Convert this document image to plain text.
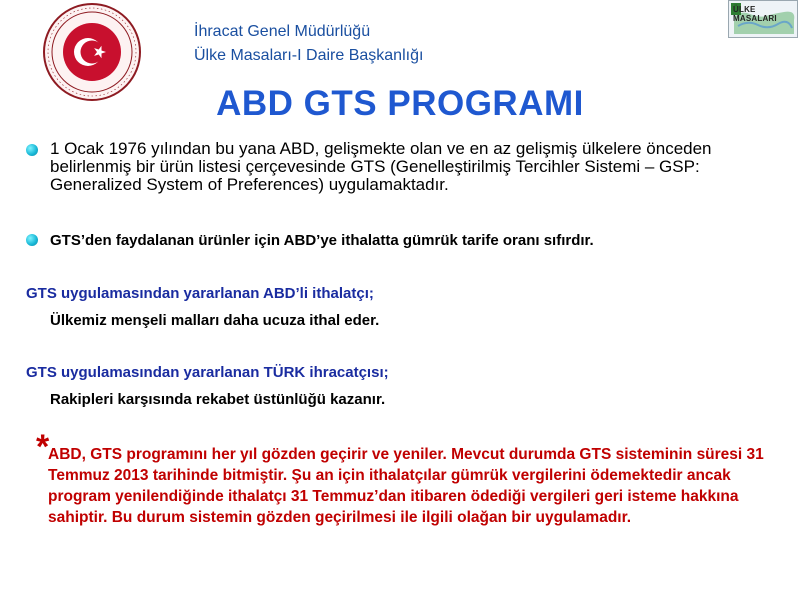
İhracat Genel Müdürlüğü
Ülke Masaları-I Daire Başkanlığı
ÜLKE MASALARI
ABD GTS PROGRAMI
1 Ocak 1976 yılından bu yana ABD, gelişmekte olan ve en az gelişmiş ülkelere önceden belirlenmiş bir ürün listesi çerçevesinde GTS (Genelleştirilmiş Tercihler Sistemi – GSP: Generalized System of Preferences) uygulamaktadır.
GTS’den faydalanan ürünler için ABD’ye ithalatta gümrük tarife oranı sıfırdır.
GTS uygulamasından yararlanan ABD’li ithalatçı;
Ülkemiz menşeli malları daha ucuza ithal eder.
GTS uygulamasından yararlanan TÜRK ihracatçısı;
Rakipleri karşısında rekabet üstünlüğü kazanır.
*
ABD, GTS programını her yıl gözden geçirir ve yeniler. Mevcut durumda GTS sisteminin süresi 31 Temmuz 2013 tarihinde bitmiştir. Şu an için ithalatçılar gümrük vergilerini ödemektedir ancak program yenilendiğinde ithalatçı 31 Temmuz’dan itibaren ödediği vergileri geri isteme hakkına sahiptir. Bu durum sistemin gözden geçirilmesi ile ilgili olağan bir uygulamadır.
